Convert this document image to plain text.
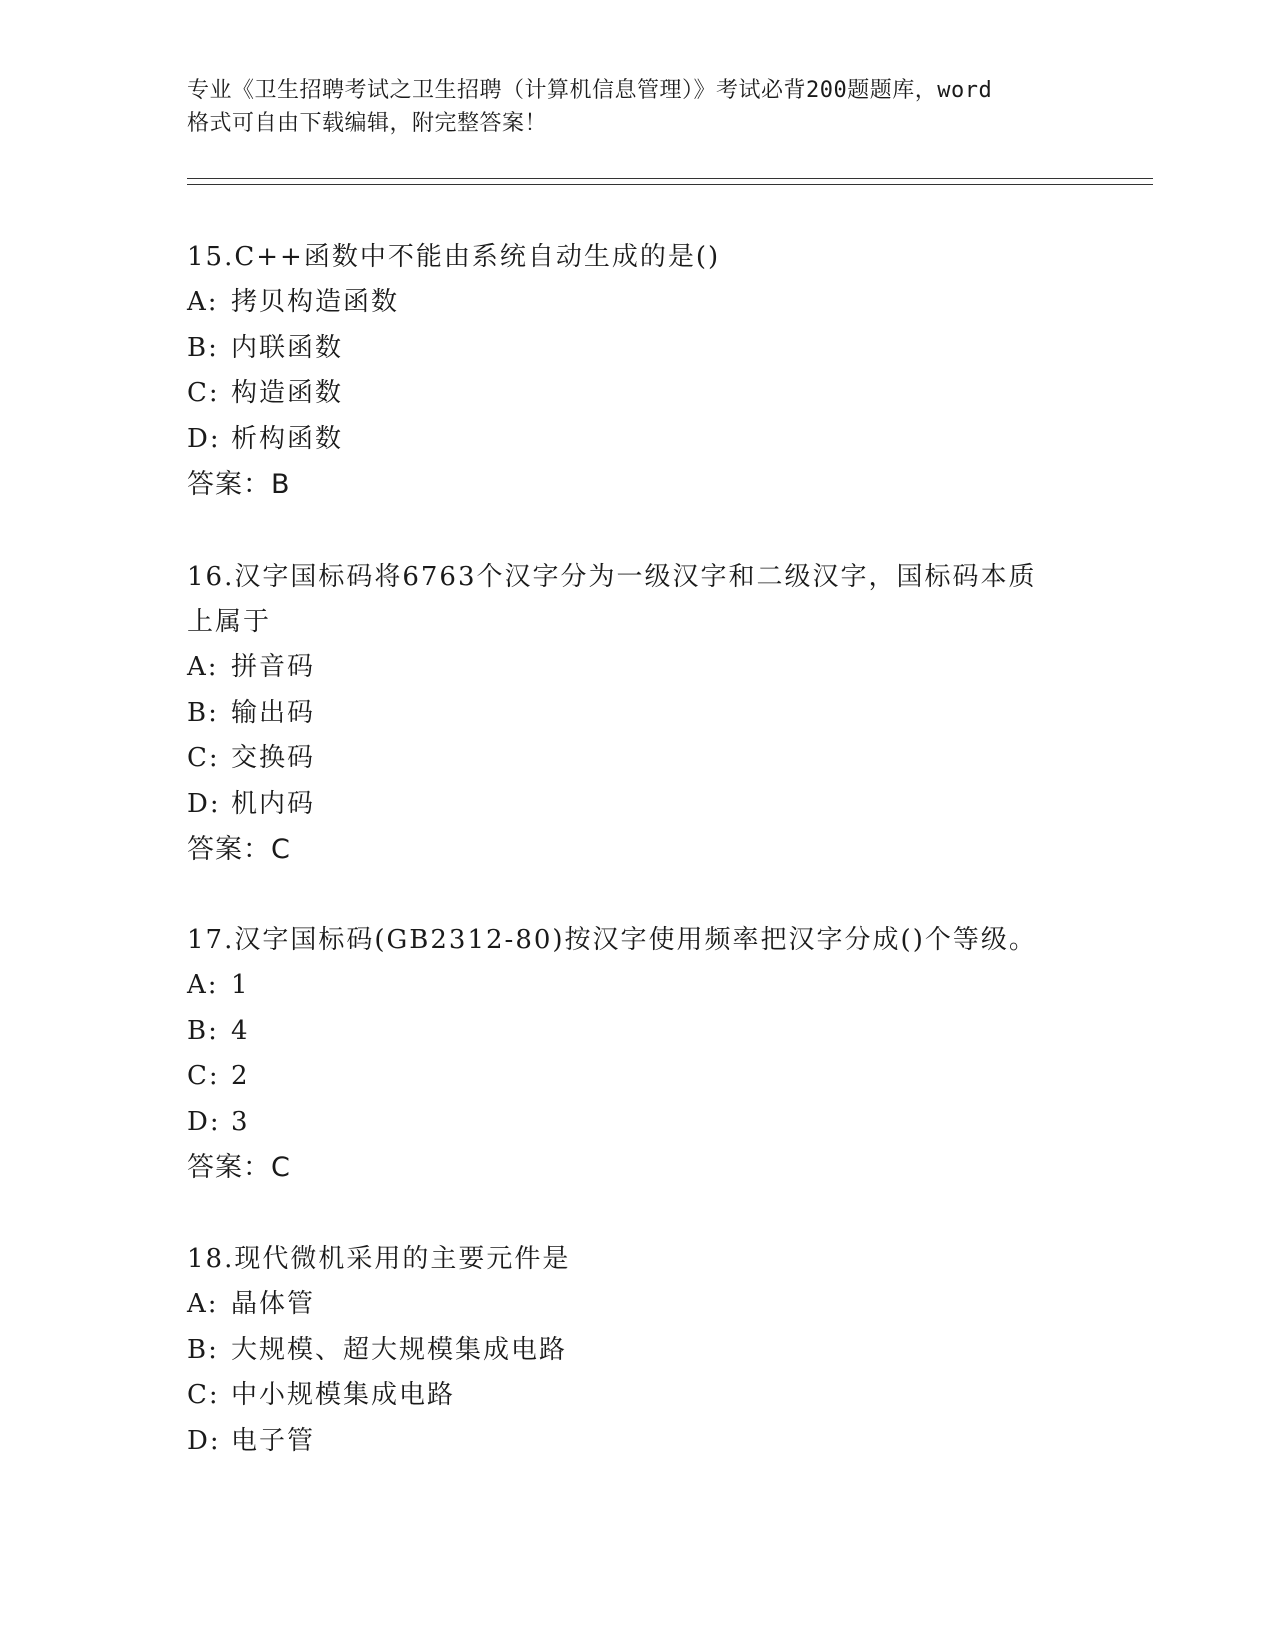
专业《卫生招聘考试之卫生招聘（计算机信息管理）》考试必背200题题库，word
格式可自由下载编辑，附完整答案！
15.C++函数中不能由系统自动生成的是()
A: 拷贝构造函数
B: 内联函数
C: 构造函数
D: 析构函数
答案：B
16.汉字国标码将6763个汉字分为一级汉字和二级汉字，国标码本质
上属于
A: 拼音码
B: 输出码
C: 交换码
D: 机内码
答案：C
17.汉字国标码(GB2312-80)按汉字使用频率把汉字分成()个等级。
A: 1
B: 4
C: 2
D: 3
答案：C
18.现代微机采用的主要元件是
A: 晶体管
B: 大规模、超大规模集成电路
C: 中小规模集成电路
D: 电子管
